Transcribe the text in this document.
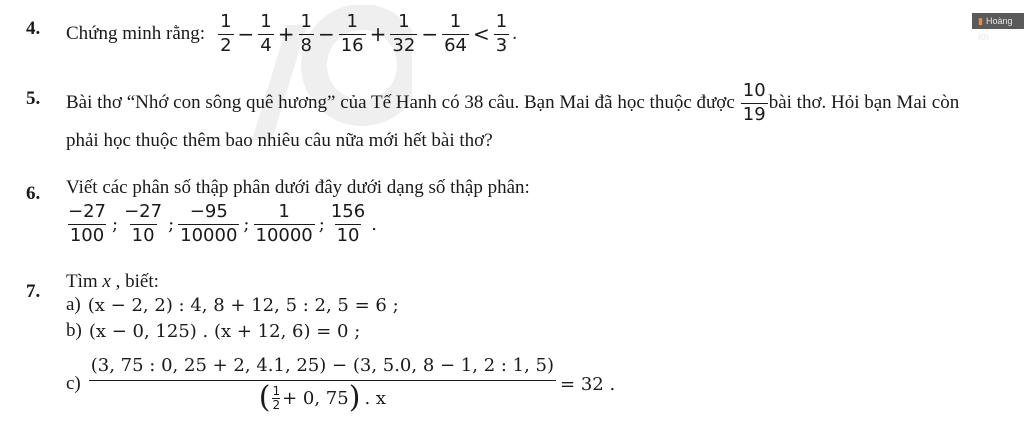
▮ Hoàng Kh
4. Chứng minh rằng: $\frac{1}{2} - \frac{1}{4} + \frac{1}{8} - \frac{1}{16} + \frac{1}{32} - \frac{1}{64} < \frac{1}{3}$ .
5. Bài thơ “Nhớ con sông quê hương” của Tế Hanh có 38 câu. Bạn Mai đã học thuộc được $\frac{10}{19}$ bài thơ. Hỏi bạn Mai còn
phải học thuộc thêm bao nhiêu câu nữa mới hết bài thơ?
6. Viết các phân số thập phân dưới đây dưới dạng số thập phân:
$\frac{-27}{100}$ ; $\frac{-27}{10}$ ; $\frac{-95}{10000}$ ; $\frac{1}{10000}$ ; $\frac{156}{10}$ .
7. Tìm x , biết:
a) (x − 2, 2) : 4, 8 + 12, 5 : 2, 5 = 6 ;
b) (x − 0, 125) . (x + 12, 6) = 0 ;
$c) \frac{(3, 75 : 0, 25 + 2, 4.1, 25) - (3, 5.0, 8 - 1, 2 : 1, 5)}{( \frac{1}{2} + 0, 75 ) . x} = 32$ .
